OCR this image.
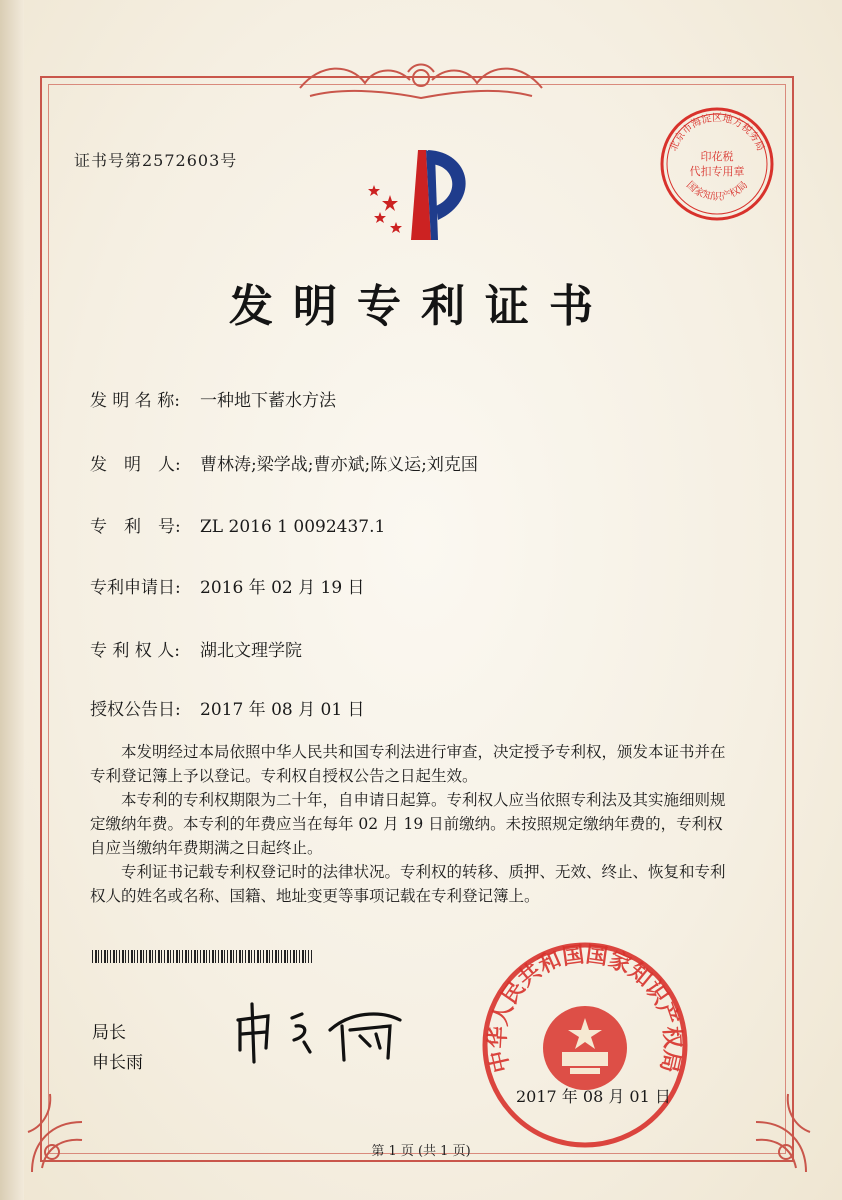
北京市海淀区地方税务局
印花税
代扣专用章
国家知识产权局
证书号第2572603号
发明专利证书
发 明 名 称: 一种地下蓄水方法
发　明　人: 曹林涛;梁学战;曹亦斌;陈义运;刘克国
专　利　号: ZL 2016 1 0092437.1
专利申请日: 2016 年 02 月 19 日
专 利 权 人: 湖北文理学院
授权公告日: 2017 年 08 月 01 日

本发明经过本局依照中华人民共和国专利法进行审查，决定授予专利权，颁发本证书并在专利登记簿上予以登记。专利权自授权公告之日起生效。

本专利的专利权期限为二十年，自申请日起算。专利权人应当依照专利法及其实施细则规定缴纳年费。本专利的年费应当在每年 02 月 19 日前缴纳。未按照规定缴纳年费的，专利权自应当缴纳年费期满之日起终止。

专利证书记载专利权登记时的法律状况。专利权的转移、质押、无效、终止、恢复和专利权人的姓名或名称、国籍、地址变更等事项记载在专利登记簿上。

局长
申长雨	中华人民共和国国家知识产权局
2017 年 08 月 01 日
第 1 页 (共 1 页)
